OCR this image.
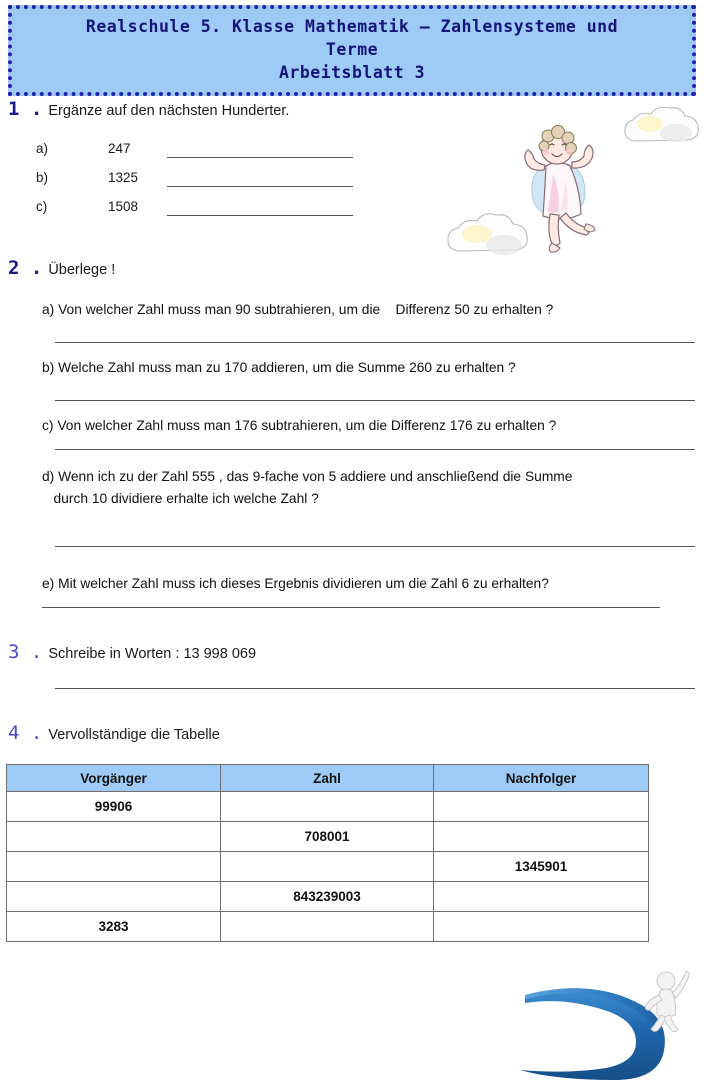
Realschule 5. Klasse Mathematik – Zahlensysteme und
Terme
Arbeitsblatt 3
1 . Ergänze auf den nächsten Hunderter.
a)	247
b)	1325
c)	1508
2 . Überlege !
a) Von welcher Zahl muss man 90 subtrahieren, um die    Differenz 50 zu erhalten ?
b) Welche Zahl muss man zu 170 addieren, um die Summe 260 zu erhalten ?
c) Von welcher Zahl muss man 176 subtrahieren, um die Differenz 176 zu erhalten ?
d) Wenn ich zu der Zahl 555 , das 9-fache von 5 addiere und anschließend die Summe
durch 10 dividiere erhalte ich welche Zahl ?
e) Mit welcher Zahl muss ich dieses Ergebnis dividieren um die Zahl 6 zu erhalten?
3 . Schreibe in Worten : 13 998 069
4 . Vervollständige die Tabelle
Vorgänger	Zahl	Nachfolger
99906		
	708001	
		1345901
	843239003	
3283		
